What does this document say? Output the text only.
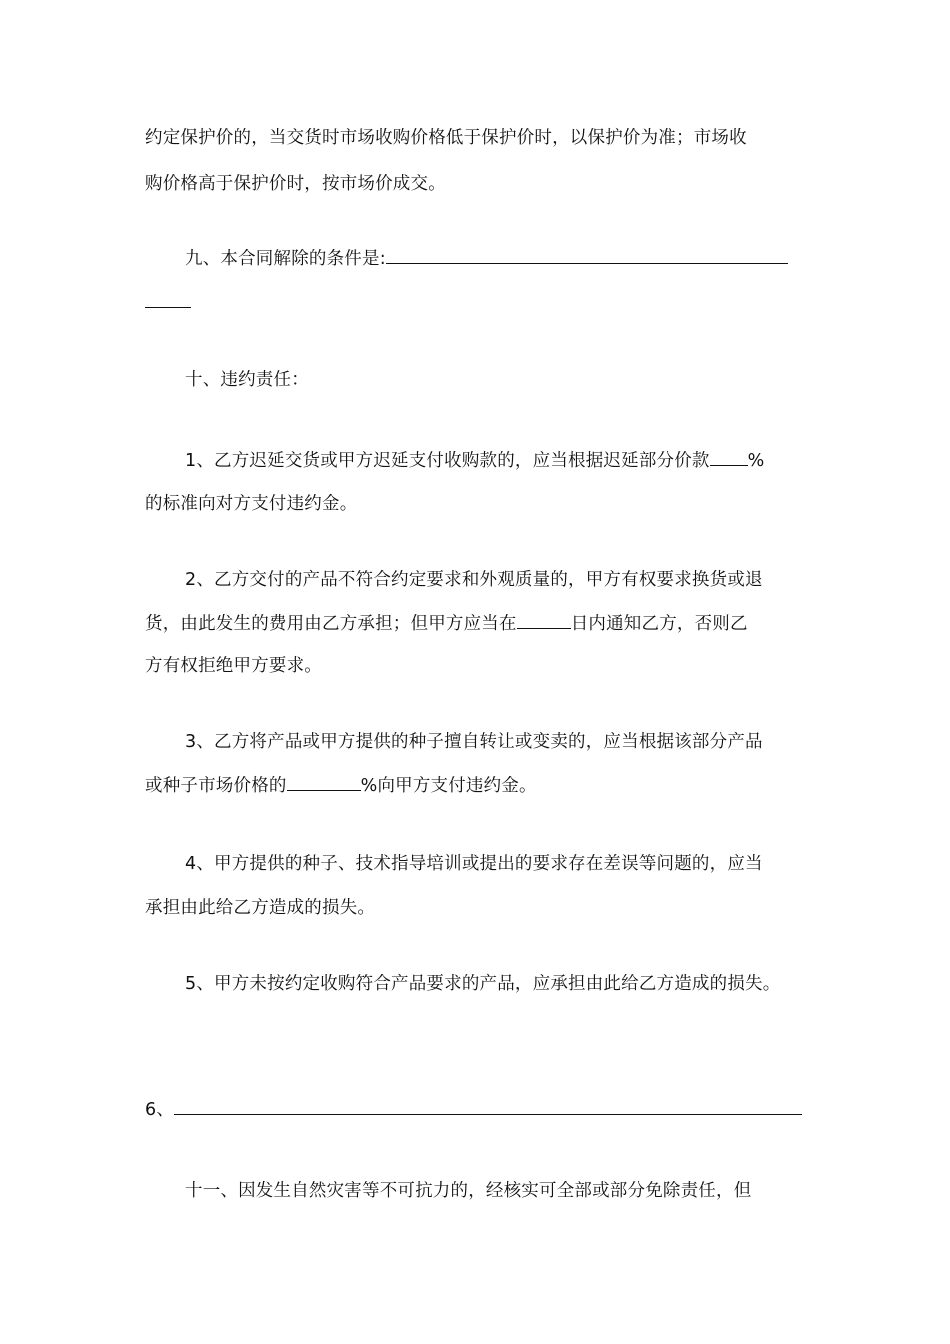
约定保护价的，当交货时市场收购价格低于保护价时，以保护价为准；市场收
购价格高于保护价时，按市场价成交。
九、本合同解除的条件是:
十、违约责任：
1、乙方迟延交货或甲方迟延支付收购款的，应当根据迟延部分价款 %
的标准向对方支付违约金。
2、乙方交付的产品不符合约定要求和外观质量的，甲方有权要求换货或退
货，由此发生的费用由乙方承担；但甲方应当在	日内通知乙方，否则乙
方有权拒绝甲方要求。
3、乙方将产品或甲方提供的种子擅自转让或变卖的，应当根据该部分产品
或种子市场价格的	%向甲方支付违约金。
4、甲方提供的种子、技术指导培训或提出的要求存在差误等问题的，应当
承担由此给乙方造成的损失。
5、甲方未按约定收购符合产品要求的产品，应承担由此给乙方造成的损失。
6、
十一、因发生自然灾害等不可抗力的，经核实可全部或部分免除责任，但
